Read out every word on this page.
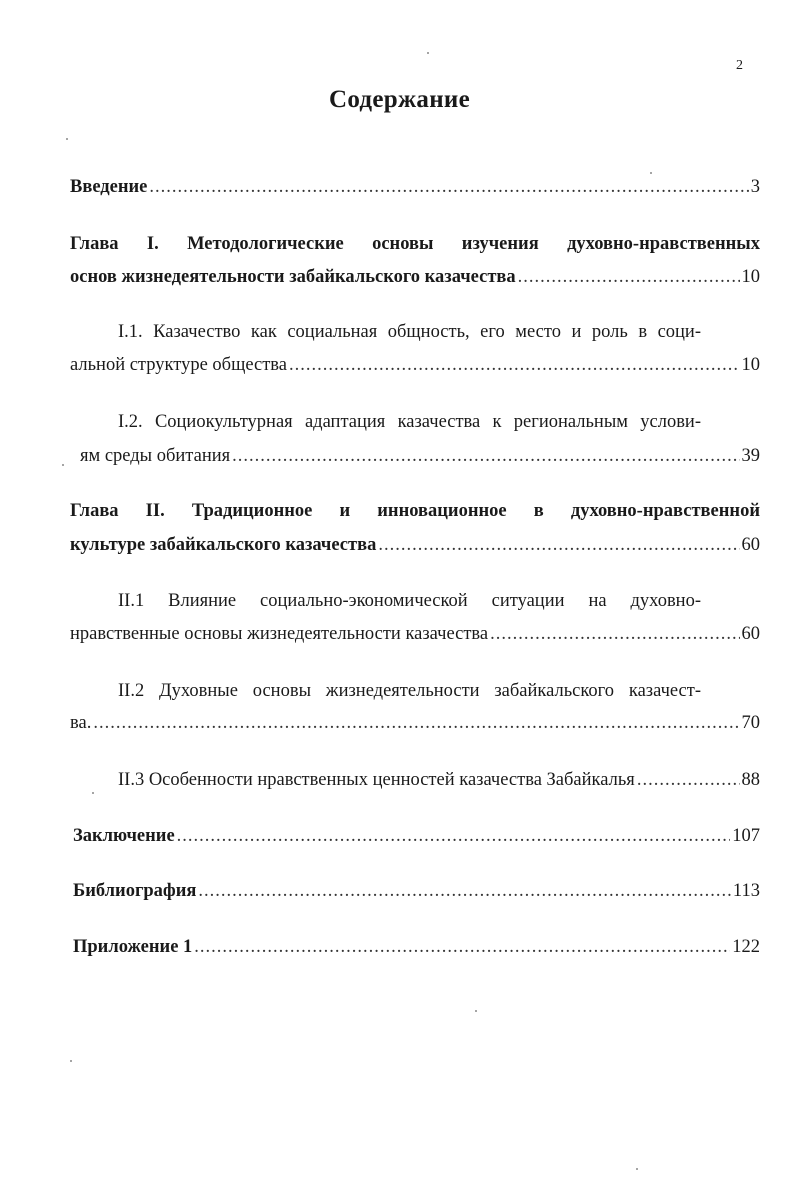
2
Содержание
Введение .....	3
Глава I. Методологические основы изучения духовно-нравственных
основ жизнедеятельности забайкальского казачества .....	10
I.1. Казачество как социальная общность, его место и роль в соци-
альной структуре общества .....	10
I.2. Социокультурная адаптация казачества к региональным услови-
ям среды обитания .....	39
Глава II. Традиционное и инновационное в духовно-нравственной
культуре забайкальского казачества .....	60
II.1 Влияние социально-экономической ситуации на духовно-
нравственные основы жизнедеятельности казачества .....	60
II.2 Духовные основы жизнедеятельности забайкальского казачест-
ва. .....	70
II.3 Особенности нравственных ценностей казачества Забайкалья .....	88
Заключение .....	107
Библиография .....	113
Приложение 1 .....	122
